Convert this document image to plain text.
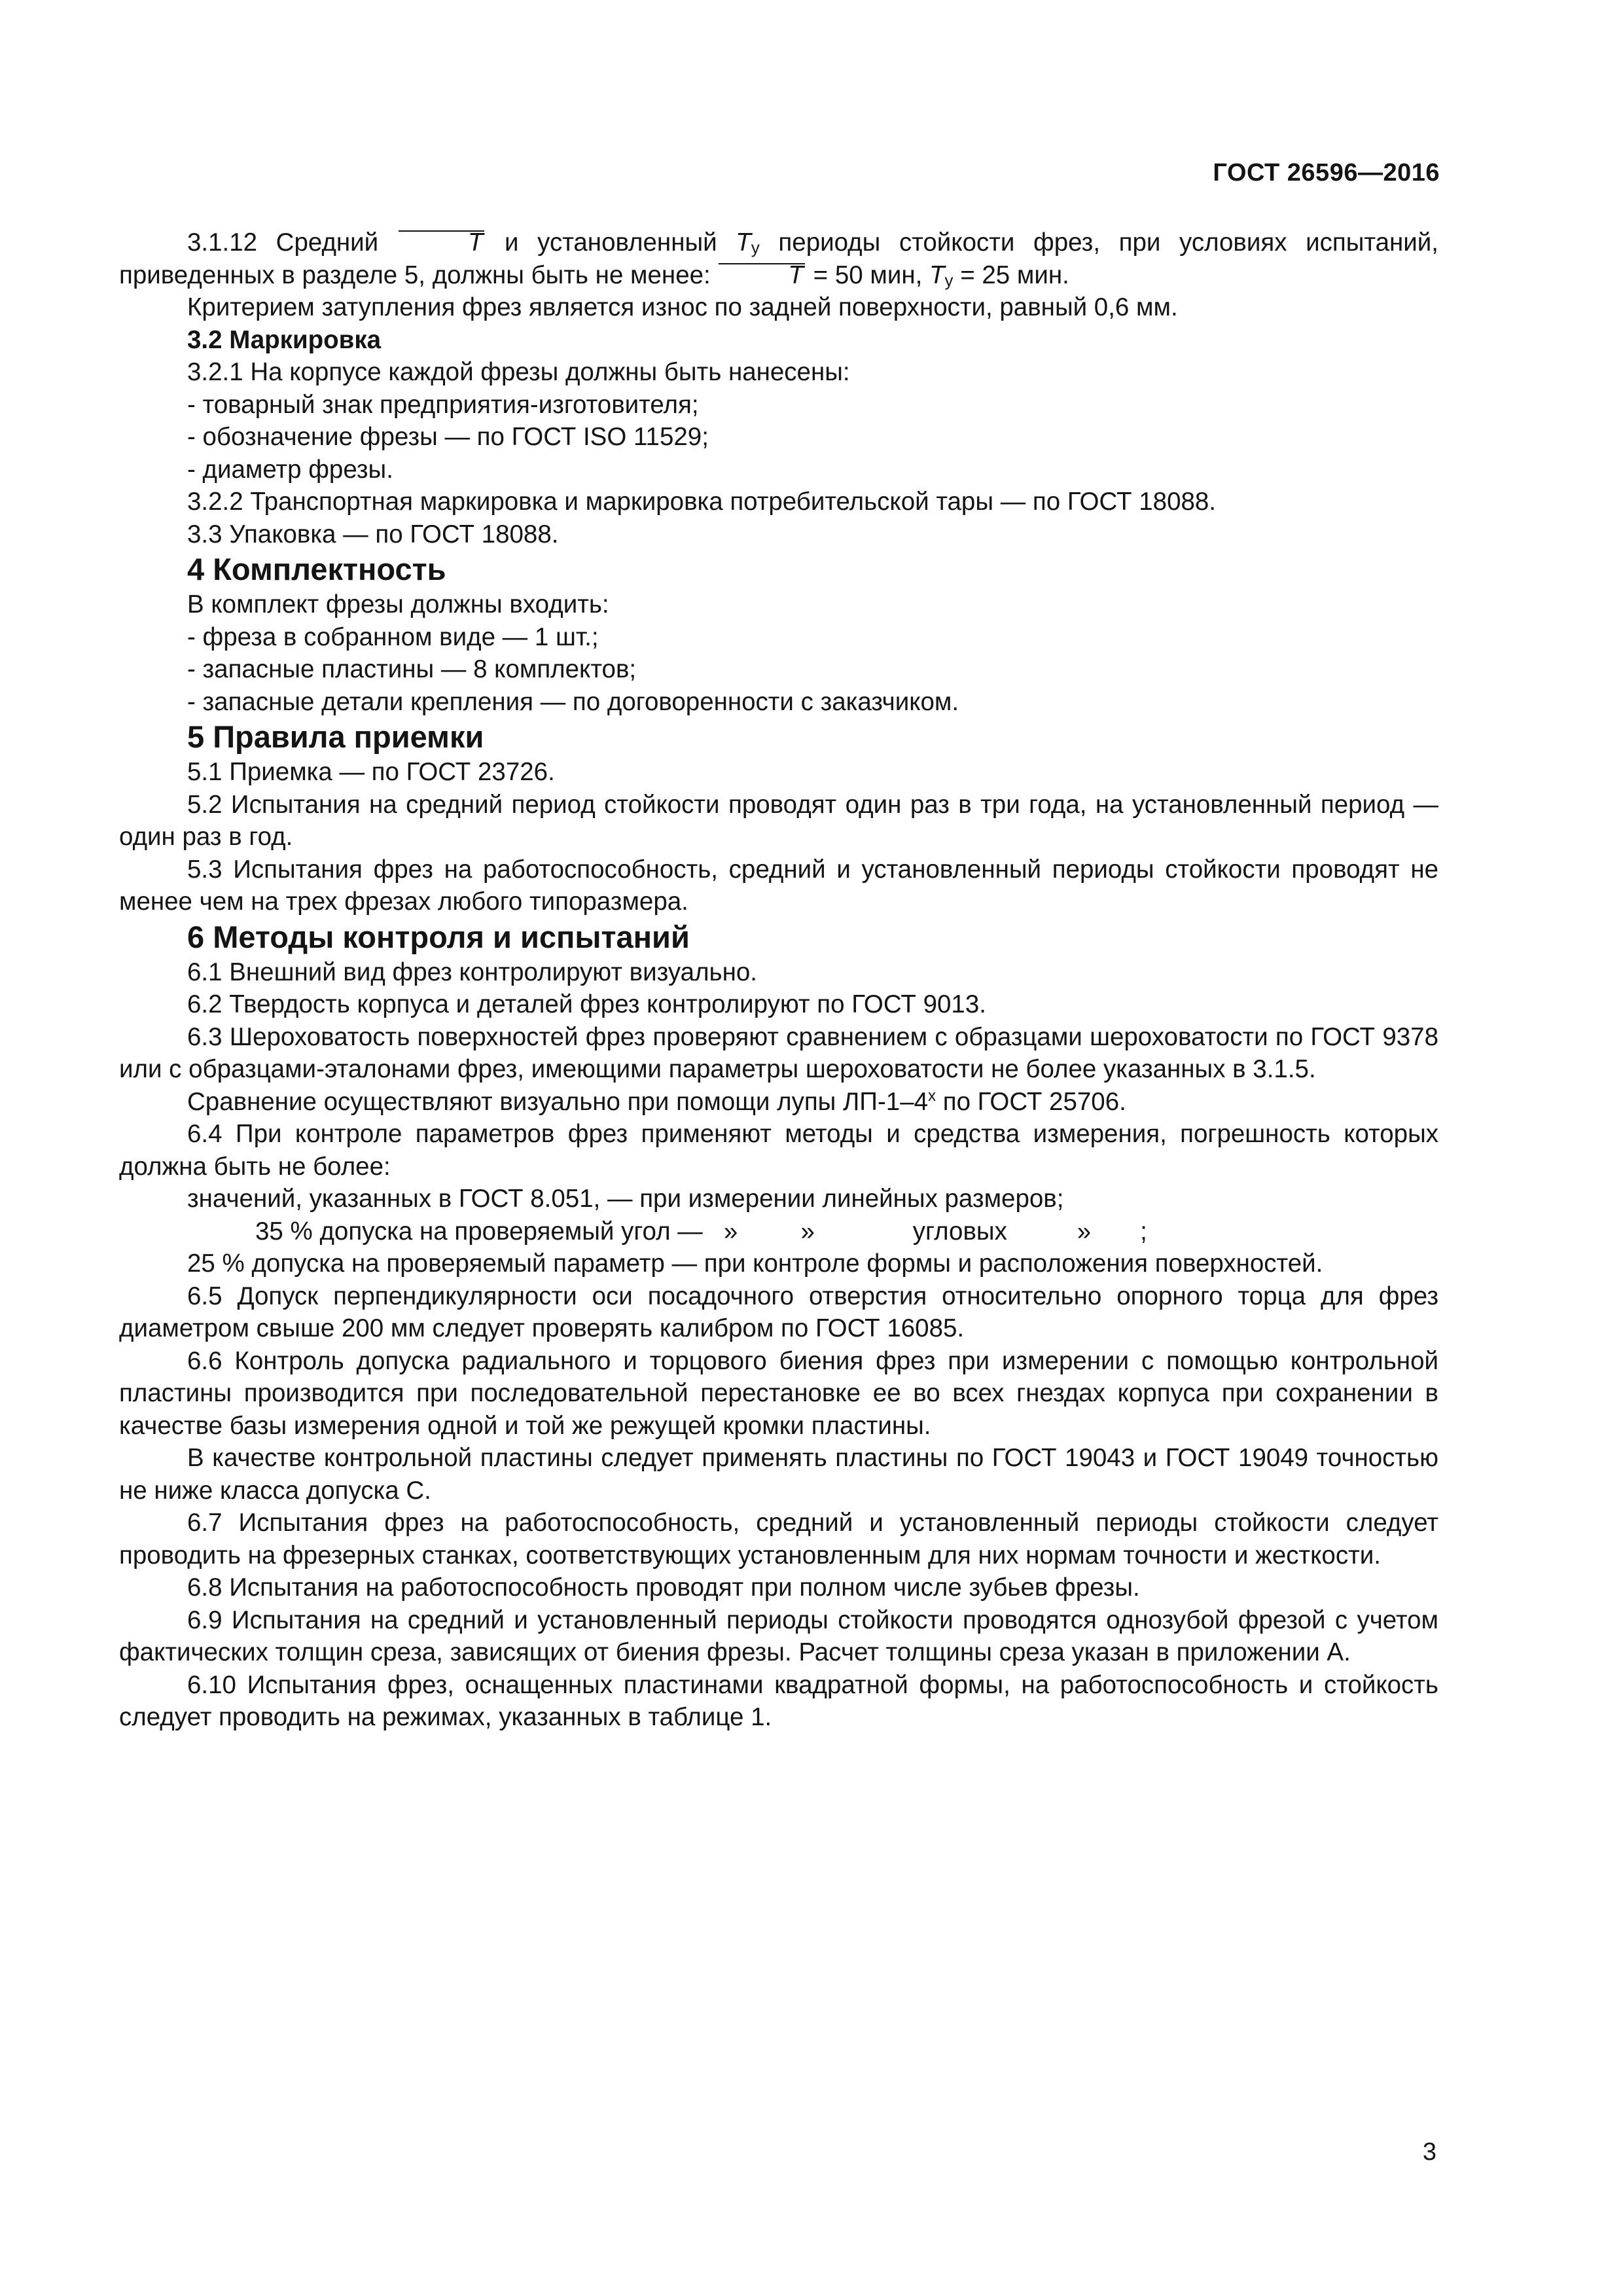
ГОСТ 26596—2016

3.1.12 Средний	T и установленный $T_у$ периоды стойкости фрез, при условиях испытаний, приведенных в разделе 5, должны быть не менее:	T = 50 мин, $T_у = 25$ мин.

Критерием затупления фрез является износ по задней поверхности, равный 0,6 мм.

3.2 Маркировка

3.2.1 На корпусе каждой фрезы должны быть нанесены:

- товарный знак предприятия-изготовителя;

- обозначение фрезы — по ГОСТ ISO 11529;

- диаметр фрезы.

3.2.2 Транспортная маркировка и маркировка потребительской тары — по ГОСТ 18088.

3.3 Упаковка — по ГОСТ 18088.

4 Комплектность

В комплект фрезы должны входить:

- фреза в собранном виде — 1 шт.;

- запасные пластины — 8 комплектов;

- запасные детали крепления — по договоренности с заказчиком.

5 Правила приемки

5.1 Приемка — по ГОСТ 23726.

5.2 Испытания на средний период стойкости проводят один раз в три года, на установленный период — один раз в год.

5.3 Испытания фрез на работоспособность, средний и установленный периоды стойкости проводят не менее чем на трех фрезах любого типоразмера.

6 Методы контроля и испытаний

6.1 Внешний вид фрез контролируют визуально.

6.2 Твердость корпуса и деталей фрез контролируют по ГОСТ 9013.

6.3 Шероховатость поверхностей фрез проверяют сравнением с образцами шероховатости по ГОСТ 9378 или с образцами-эталонами фрез, имеющими параметры шероховатости не более указанных в 3.1.5.

Сравнение осуществляют визуально при помощи лупы ЛП-1–4$^x$ по ГОСТ 25706.

6.4 При контроле параметров фрез применяют методы и средства измерения, погрешность которых должна быть не более:

значений, указанных в ГОСТ 8.051, — при измерении линейных размеров;

35 % допуска на проверяемый угол —   »         »              угловых          »       ;

25 % допуска на проверяемый параметр — при контроле формы и расположения поверхностей.

6.5 Допуск перпендикулярности оси посадочного отверстия относительно опорного торца для фрез диаметром свыше 200 мм следует проверять калибром по ГОСТ 16085.

6.6 Контроль допуска радиального и торцового биения фрез при измерении с помощью контрольной пластины производится при последовательной перестановке ее во всех гнездах корпуса при сохранении в качестве базы измерения одной и той же режущей кромки пластины.

В качестве контрольной пластины следует применять пластины по ГОСТ 19043 и ГОСТ 19049 точностью не ниже класса допуска С.

6.7 Испытания фрез на работоспособность, средний и установленный периоды стойкости следует проводить на фрезерных станках, соответствующих установленным для них нормам точности и жесткости.

6.8 Испытания на работоспособность проводят при полном числе зубьев фрезы.

6.9 Испытания на средний и установленный периоды стойкости проводятся однозубой фрезой с учетом фактических толщин среза, зависящих от биения фрезы. Расчет толщины среза указан в приложении А.

6.10 Испытания фрез, оснащенных пластинами квадратной формы, на работоспособность и стойкость следует проводить на режимах, указанных в таблице 1.

3
